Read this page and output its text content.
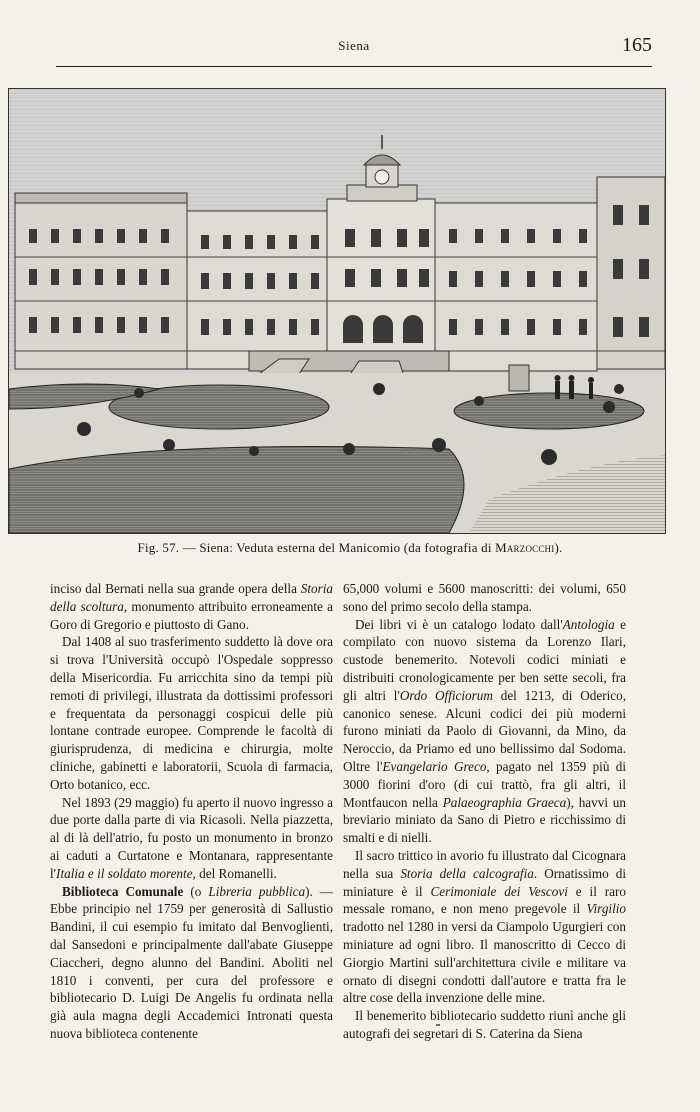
Siena	165
Fig. 57. — Siena: Veduta esterna del Manicomio (da fotografia di Marzocchi).

inciso dal Bernati nella sua grande opera della Storia della scoltura, monumento attribuito erroneamente a Goro di Gregorio e piuttosto di Gano.

Dal 1408 al suo trasferimento suddetto là dove ora si trova l'Università occupò l'Ospedale soppresso della Misericordia. Fu arricchita sino da tempi più remoti di privilegi, illustrata da dottissimi professori e frequentata da personaggi cospicui delle più lontane contrade europee. Comprende le facoltà di giurisprudenza, di medicina e chirurgia, molte cliniche, gabinetti e laboratorii, Scuola di farmacia, Orto botanico, ecc.

Nel 1893 (29 maggio) fu aperto il nuovo ingresso a due porte dalla parte di via Ricasoli. Nella piazzetta, al di là dell'atrio, fu posto un monumento in bronzo ai caduti a Curtatone e Montanara, rappresentante l'Italia e il soldato morente, del Romanelli.

Biblioteca Comunale (o Libreria pubblica). — Ebbe principio nel 1759 per generosità di Sallustio Bandini, il cui esempio fu imitato dal Benvoglienti, dal Sansedoni e principalmente dall'abate Giuseppe Ciaccheri, degno alunno del Bandini. Aboliti nel 1810 i conventi, per cura del professore e bibliotecario D. Luigi De Angelis fu ordinata nella già aula magna degli Accademici Intronati questa nuova biblioteca contenente

65,000 volumi e 5600 manoscritti: dei volumi, 650 sono del primo secolo della stampa.

Dei libri vi è un catalogo lodato dall'Antologia e compilato con nuovo sistema da Lorenzo Ilari, custode benemerito. Notevoli codici miniati e distribuiti cronologicamente per ben sette secoli, fra gli altri l'Ordo Officiorum del 1213, di Oderico, canonico senese. Alcuni codici dei più moderni furono miniati da Paolo di Giovanni, da Mino, da Neroccio, da Priamo ed uno bellissimo dal Sodoma. Oltre l'Evangelario Greco, pagato nel 1359 più di 3000 fiorini d'oro (di cui trattò, fra gli altri, il Montfaucon nella Palaeographia Graeca), havvi un breviario miniato da Sano di Pietro e ricchissimo di smalti e di nielli.

Il sacro trittico in avorio fu illustrato dal Cicognara nella sua Storia della calcografia. Ornatissimo di miniature è il Cerimoniale dei Vescovi e il raro messale romano, e non meno pregevole il Virgilio tradotto nel 1280 in versi da Ciampolo Ugurgieri con miniature ad ogni libro. Il manoscritto di Cecco di Giorgio Martini sull'architettura civile e militare va ornato di disegni condotti dall'autore e tratta fra le altre cose della invenzione delle mine.

Il benemerito bibliotecario suddetto riunì anche gli autografi dei segretari di S. Caterina da Siena
